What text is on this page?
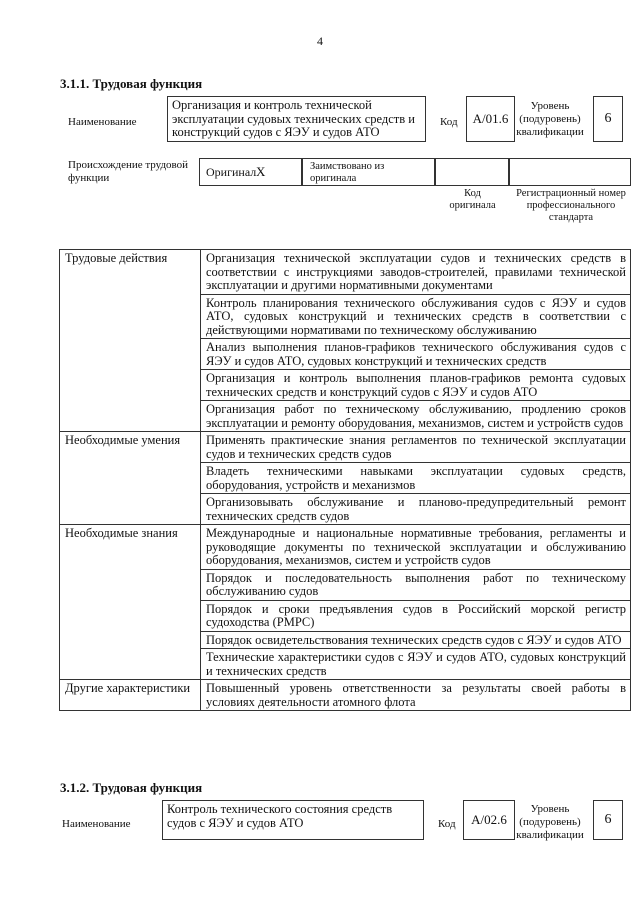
4
3.1.1. Трудовая функция
Наименование
Организация и контроль технической эксплуатации судовых технических средств и конструкций судов с ЯЭУ и судов АТО
Код	А/01.6
Уровень (подуровень) квалификации
6
Происхождение трудовой функции	Оригинал X	Заимствовано из оригинала
Код оригинала
Регистрационный номер профессионального стандарта
Трудовые действия	Организация технической эксплуатации судов и технических средств в соответствии с инструкциями заводов-строителей, правилами технической эксплуатации и другими нормативными документами
	Контроль планирования технического обслуживания судов с ЯЭУ и судов АТО, судовых конструкций и технических средств в соответствии с действующими нормативами по техническому обслуживанию
	Анализ выполнения планов-графиков технического обслуживания судов с ЯЭУ и судов АТО, судовых конструкций и технических средств
	Организация и контроль выполнения планов-графиков ремонта судовых технических средств и конструкций судов с ЯЭУ и судов АТО
	Организация работ по техническому обслуживанию, продлению сроков эксплуатации и ремонту оборудования, механизмов, систем и устройств судов
Необходимые умения	Применять практические знания регламентов по технической эксплуатации судов и технических средств судов
	Владеть техническими навыками эксплуатации судовых средств, оборудования, устройств и механизмов
	Организовывать обслуживание и планово-предупредительный ремонт технических средств судов
Необходимые знания	Международные и национальные нормативные требования, регламенты и руководящие документы по технической эксплуатации и обслуживанию оборудования, механизмов, систем и устройств судов
	Порядок и последовательность выполнения работ по техническому обслуживанию судов
	Порядок и сроки предъявления судов в Российский морской регистр судоходства (РМРС)
	Порядок освидетельствования технических средств судов с ЯЭУ и судов АТО
	Технические характеристики судов с ЯЭУ и судов АТО, судовых конструкций и технических средств
Другие характеристики	Повышенный уровень ответственности за результаты своей работы в условиях деятельности атомного флота
3.1.2. Трудовая функция
Наименование
Контроль технического состояния средств судов с ЯЭУ и судов АТО	Код	А/02.6
Уровень (подуровень) квалификации
6
